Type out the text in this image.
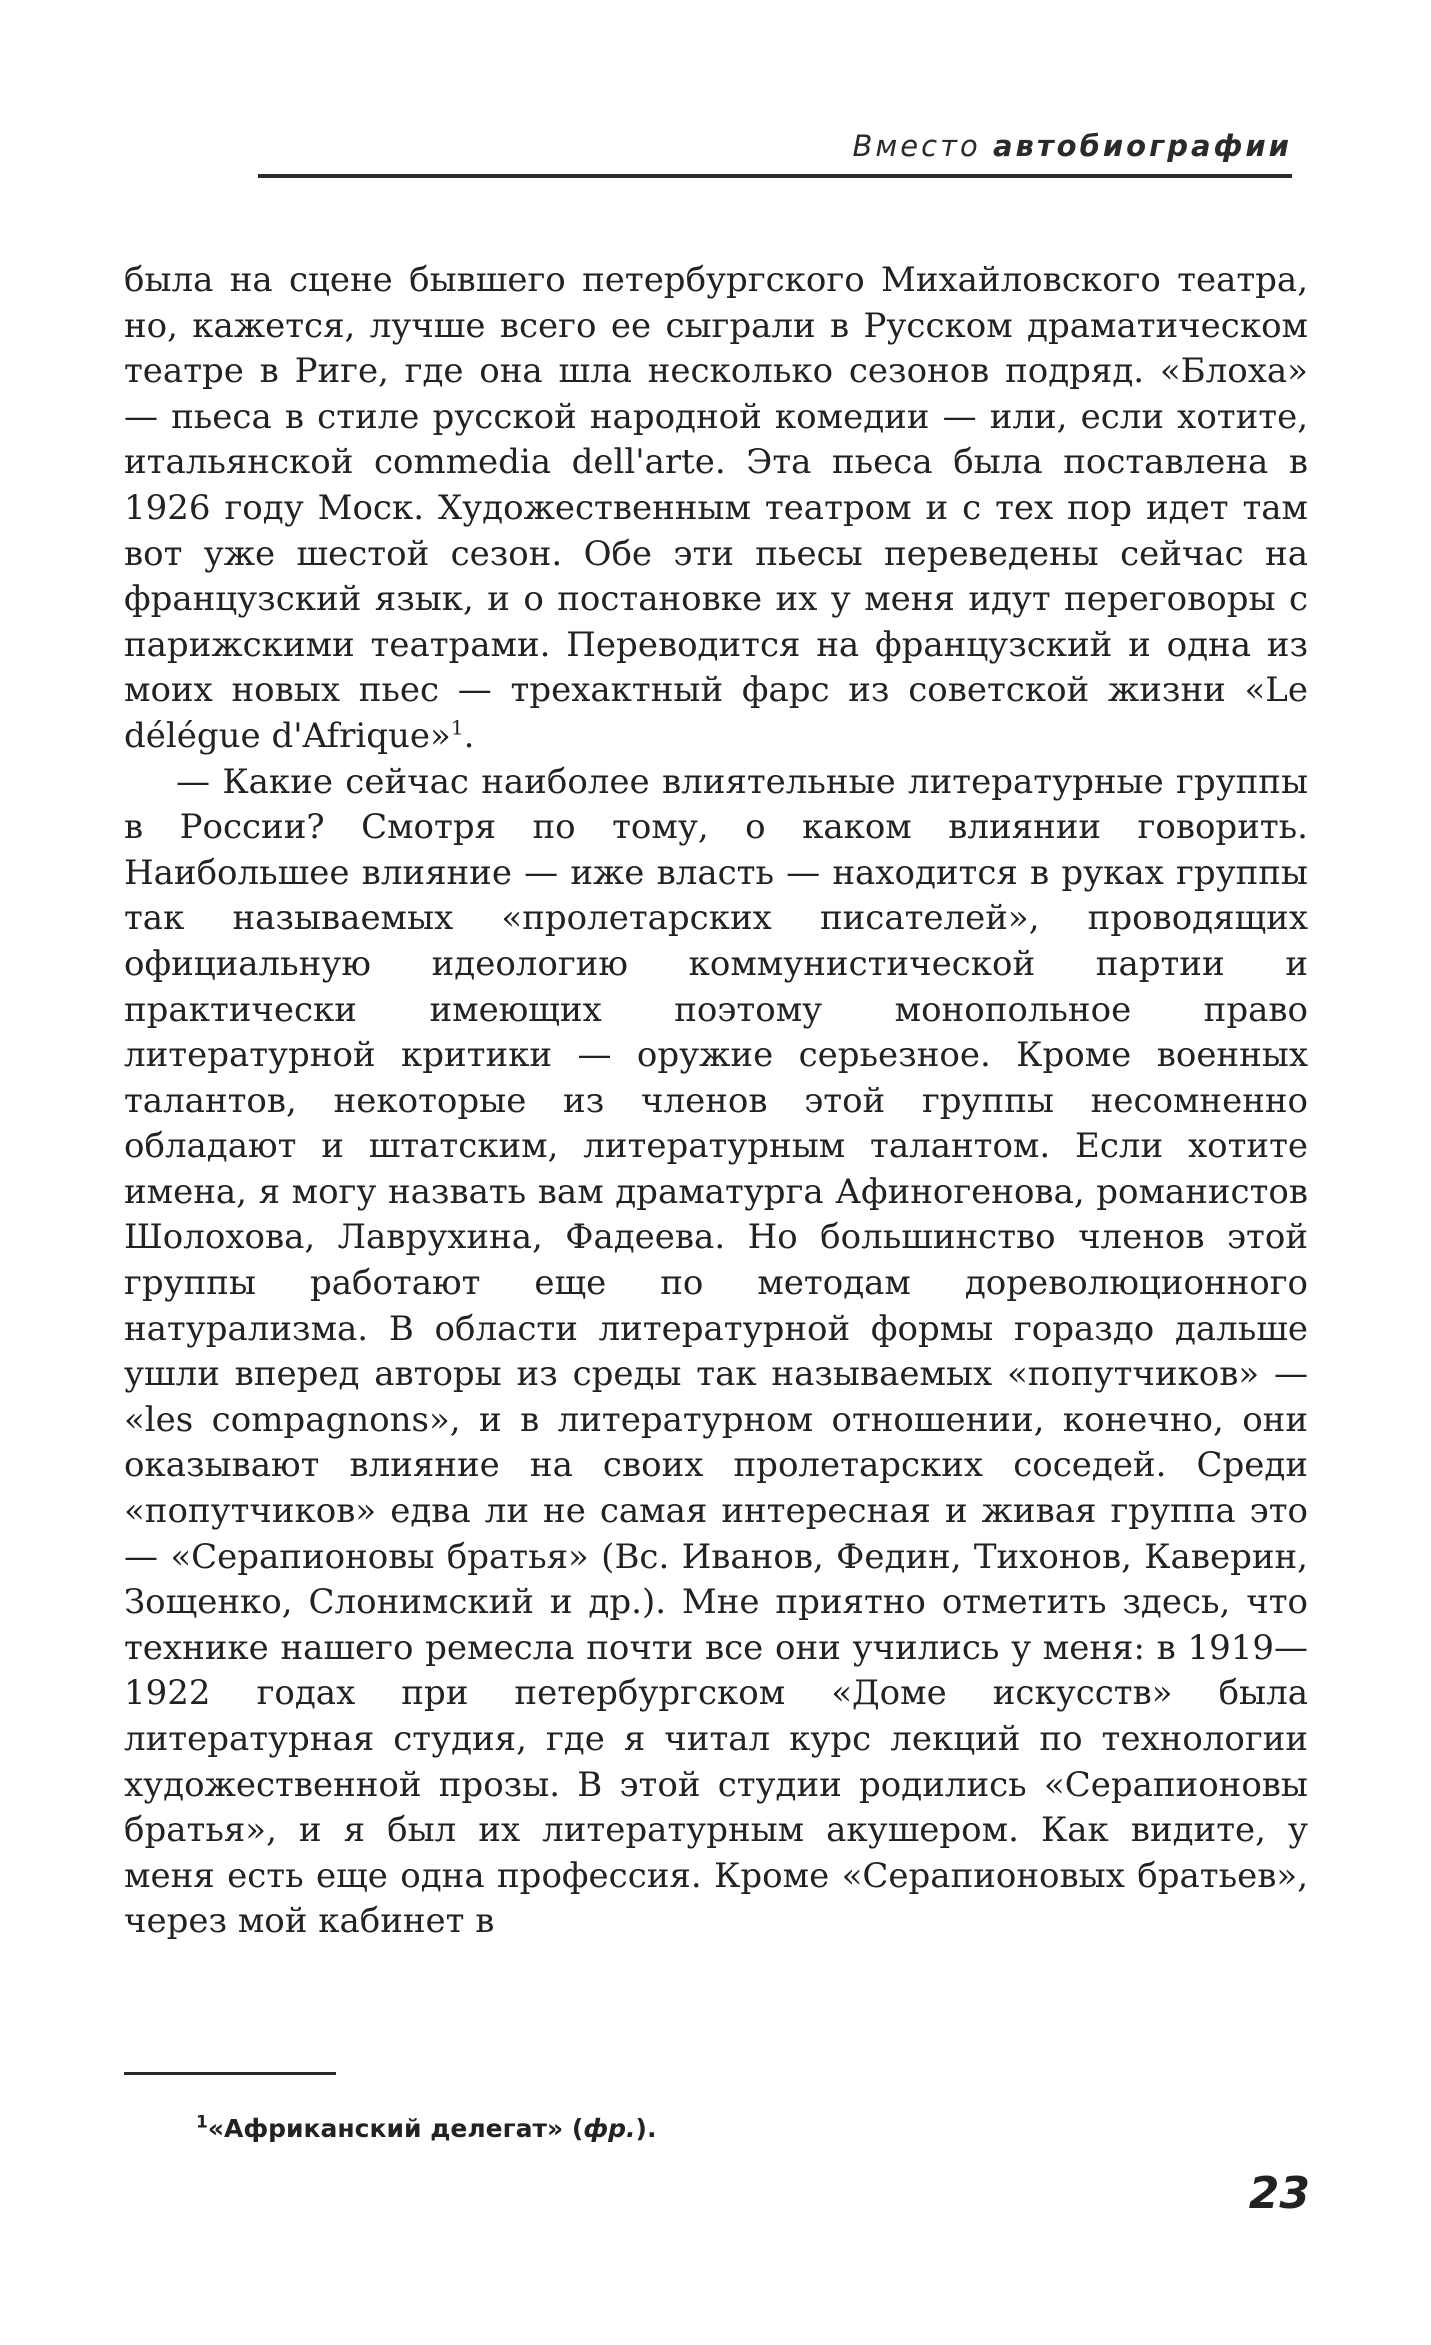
Вместо автобиографии

была на сцене бывшего петербургского Михайловского театра, но, кажется, лучше всего ее сыграли в Русском драматическом театре в Риге, где она шла несколько сезонов подряд. «Блоха» — пьеса в стиле русской народной комедии — или, если хотите, итальянской commedia dell'arte. Эта пьеса была поставлена в 1926 году Моск. Художественным театром и с тех пор идет там вот уже шестой сезон. Обе эти пьесы переведены сейчас на французский язык, и о постановке их у меня идут переговоры с парижскими театрами. Переводится на французский и одна из моих новых пьес — трехактный фарс из советской жизни «Le délégue d'Afrique»$^1$.

— Какие сейчас наиболее влиятельные литературные группы в России? Смотря по тому, о каком влиянии говорить. Наибольшее влияние — иже власть — находится в руках группы так называемых «пролетарских писателей», проводящих официальную идеологию коммунистической партии и практически имеющих поэтому монопольное право литературной критики — оружие серьезное. Кроме военных талантов, некоторые из членов этой группы несомненно обладают и штатским, литературным талантом. Если хотите имена, я могу назвать вам драматурга Афиногенова, романистов Шолохова, Лаврухина, Фадеева. Но большинство членов этой группы работают еще по методам дореволюционного натурализма. В области литературной формы гораздо дальше ушли вперед авторы из среды так называемых «попутчиков» — «les compagnons», и в литературном отношении, конечно, они оказывают влияние на своих пролетарских соседей. Среди «попутчиков» едва ли не самая интересная и живая группа это — «Серапионовы братья» (Вс. Иванов, Федин, Тихонов, Каверин, Зощенко, Слонимский и др.). Мне приятно отметить здесь, что технике нашего ремесла почти все они учились у меня: в 1919—1922 годах при петербургском «Доме искусств» была литературная студия, где я читал курс лекций по технологии художественной прозы. В этой студии родились «Серапионовы братья», и я был их литературным акушером. Как видите, у меня есть еще одна профессия. Кроме «Серапионовых братьев», через мой кабинет в

$^1$«Африканский делегат» (фр.).
23
